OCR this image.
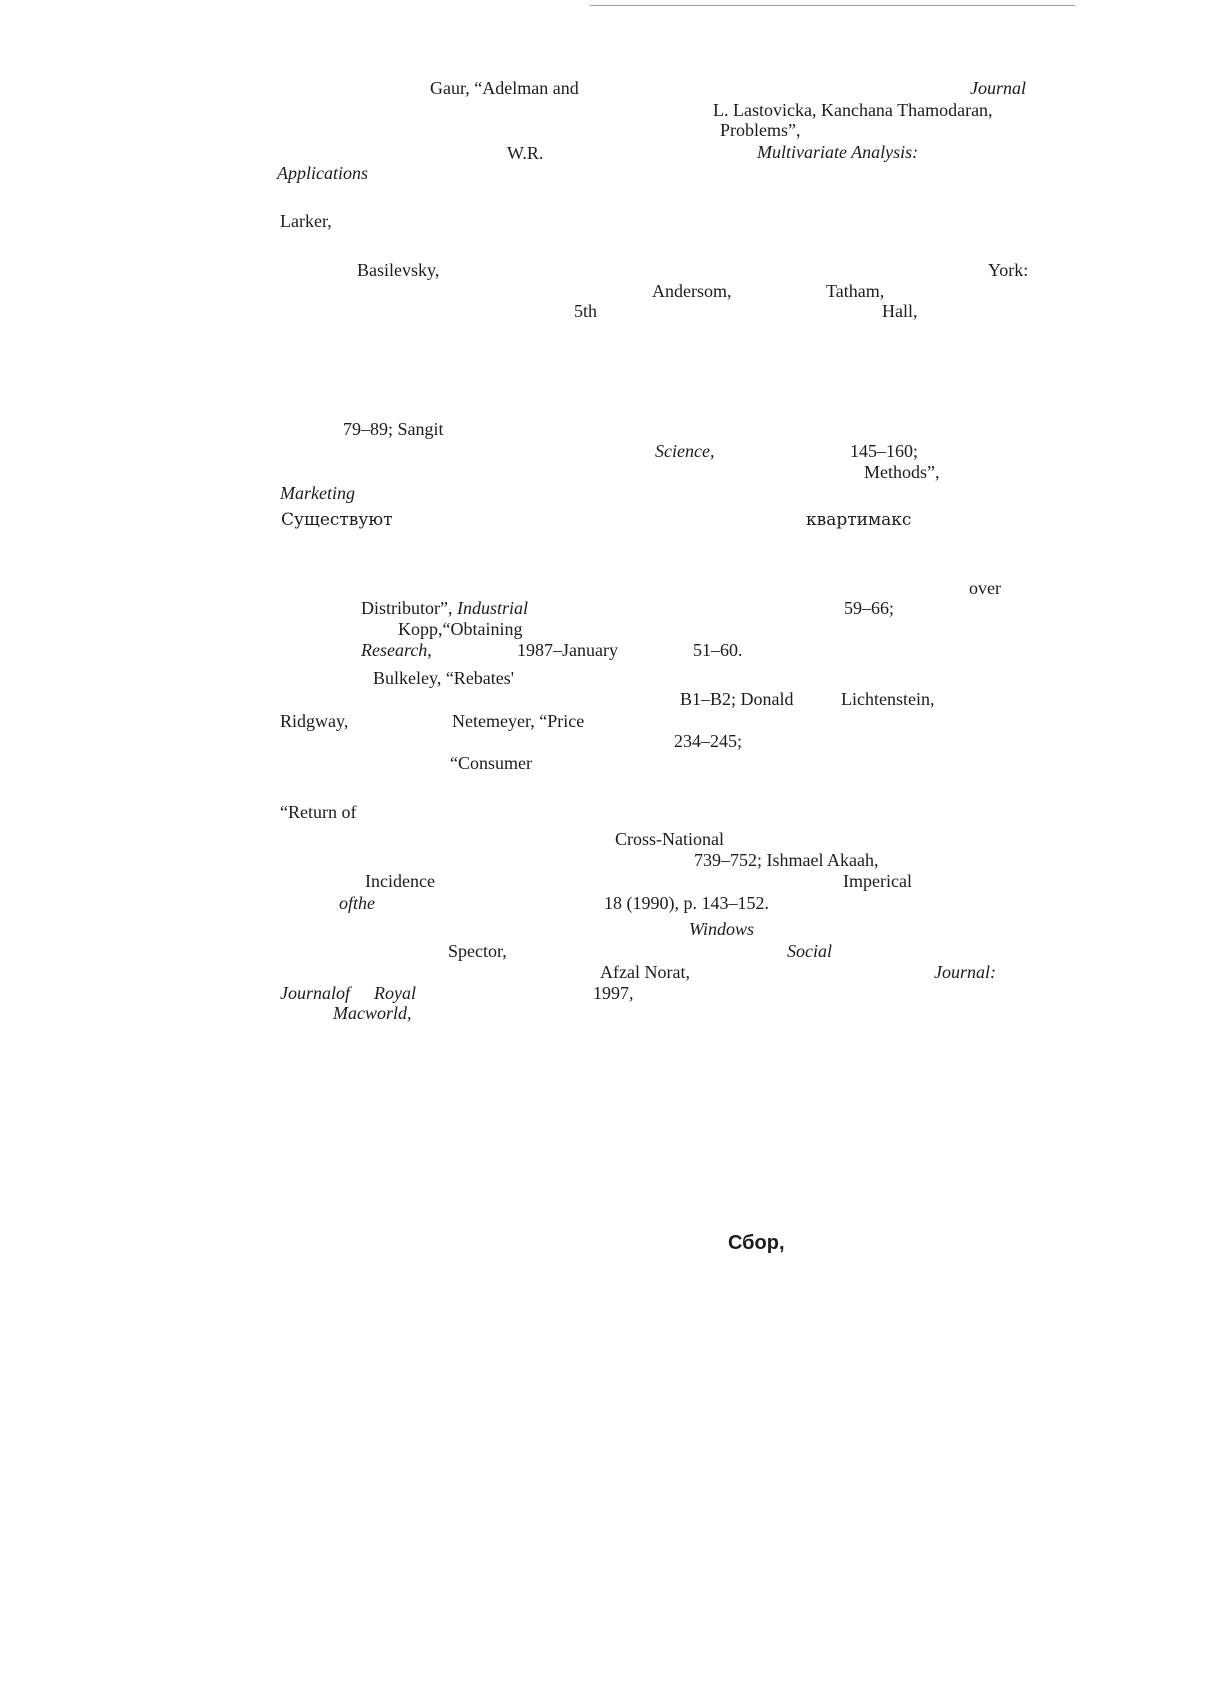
Gaur, “Adelman and	Journal
L. Lastovicka, Kanchana Thamodaran,
Problems”,
W.R.	Multivariate Analysis:
Applications
Larker,
Basilevsky,	York:
Andersom,	Tatham,
5th	Hall,
79–89; Sangit
Science,	145–160;
Methods”,
Marketing
Существуют	квартимакс
over
Distributor”, Industrial	59–66;
Kopp,“Obtaining
Research,	1987–January	51–60.
Bulkeley, “Rebates'
B1–B2; Donald	Lichtenstein,
Ridgway,	Netemeyer, “Price
234–245;
“Consumer
“Return of
Cross-National
739–752; Ishmael Akaah,
Incidence	Imperical
ofthe	18 (1990), p. 143–152.
Windows
Spector,	Social
Afzal Norat,	Journal:
Journalof Royal	1997,
Macworld,
Сбор,
